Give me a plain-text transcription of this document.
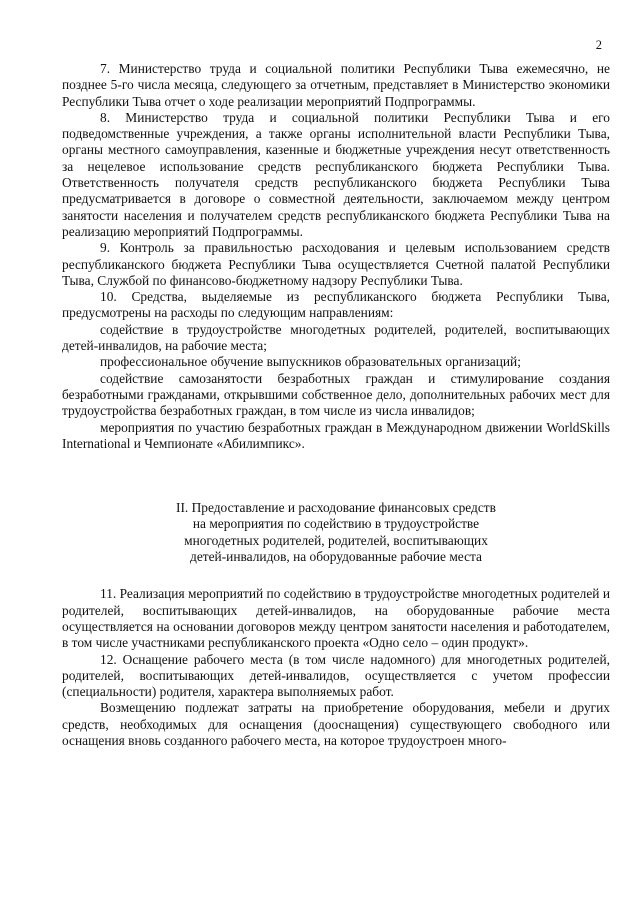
2

7. Министерство труда и социальной политики Республики Тыва ежемесячно, не позднее 5-го числа месяца, следующего за отчетным, представляет в Министерство экономики Республики Тыва отчет о ходе реализации мероприятий Подпрограммы.

8. Министерство труда и социальной политики Республики Тыва и его подведомственные учреждения, а также органы исполнительной власти Республики Тыва, органы местного самоуправления, казенные и бюджетные учреждения несут ответственность за нецелевое использование средств республиканского бюджета Республики Тыва. Ответственность получателя средств республиканского бюджета Республики Тыва предусматривается в договоре о совместной деятельности, заключаемом между центром занятости населения и получателем средств республиканского бюджета Республики Тыва на реализацию мероприятий Подпрограммы.

9. Контроль за правильностью расходования и целевым использованием средств республиканского бюджета Республики Тыва осуществляется Счетной палатой Республики Тыва, Службой по финансово-бюджетному надзору Республики Тыва.

10. Средства, выделяемые из республиканского бюджета Республики Тыва, предусмотрены на расходы по следующим направлениям:

содействие в трудоустройстве многодетных родителей, родителей, воспитывающих детей-инвалидов, на рабочие места;

профессиональное обучение выпускников образовательных организаций;

содействие самозанятости безработных граждан и стимулирование создания безработными гражданами, открывшими собственное дело, дополнительных рабочих мест для трудоустройства безработных граждан, в том числе из числа инвалидов;

мероприятия по участию безработных граждан в Международном движении WorldSkills International и Чемпионате «Абилимпикс».

II. Предоставление и расходование финансовых средств
на мероприятия по содействию в трудоустройстве
многодетных родителей, родителей, воспитывающих
детей-инвалидов, на оборудованные рабочие места

11. Реализация мероприятий по содействию в трудоустройстве многодетных родителей и родителей, воспитывающих детей-инвалидов, на оборудованные рабочие места осуществляется на основании договоров между центром занятости населения и работодателем, в том числе участниками республиканского проекта «Одно село – один продукт».

12. Оснащение рабочего места (в том числе надомного) для многодетных родителей, родителей, воспитывающих детей-инвалидов, осуществляется с учетом профессии (специальности) родителя, характера выполняемых работ.

Возмещению подлежат затраты на приобретение оборудования, мебели и других средств, необходимых для оснащения (дооснащения) существующего свободного или оснащения вновь созданного рабочего места, на которое трудоустроен много-
